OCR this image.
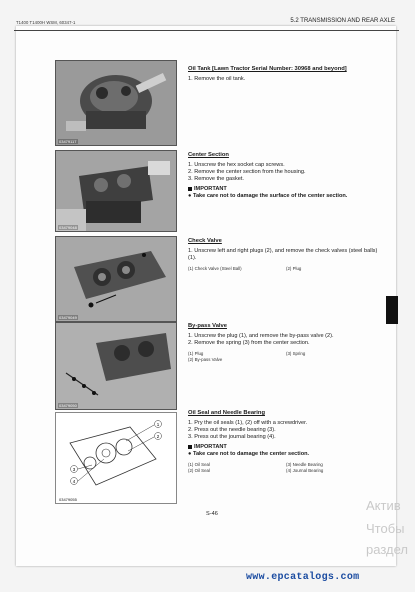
T1400 T1400H WSM, 60347-1	5.2 TRANSMISSION AND REAR AXLE
03479117
03479048
03479049
03479050
1
2
3
4
03479055
Oil Tank [Lawn Tractor Serial Number: 30968 and beyond]
1. Remove the oil tank.
Center Section
1. Unscrew the hex socket cap screws.
2. Remove the center section from the housing.
3. Remove the gasket.
IMPORTANT
● Take care not to damage the surface of the center section.
Check Valve
1. Unscrew left and right plugs (2), and remove the check valves (steel balls) (1).
(1) Check Valve (Steel Ball)	(2) Plug
By-pass Valve
1. Unscrew the plug (1), and remove the by-pass valve (2).
2. Remove the spring (3) from the center section.
(1) Plug	(3) Spring
(2) By-pass Valve
Oil Seal and Needle Bearing
1. Pry the oil seals (1), (2) off with a screwdriver.
2. Press out the needle bearing (3).
3. Press out the journal bearing (4).
IMPORTANT
● Take care not to damage the center section.
(1) Oil Seal	(3) Needle Bearing
(2) Oil Seal	(4) Journal Bearing
S-46
Актив
Чтобы
раздел
www.epcatalogs.com
